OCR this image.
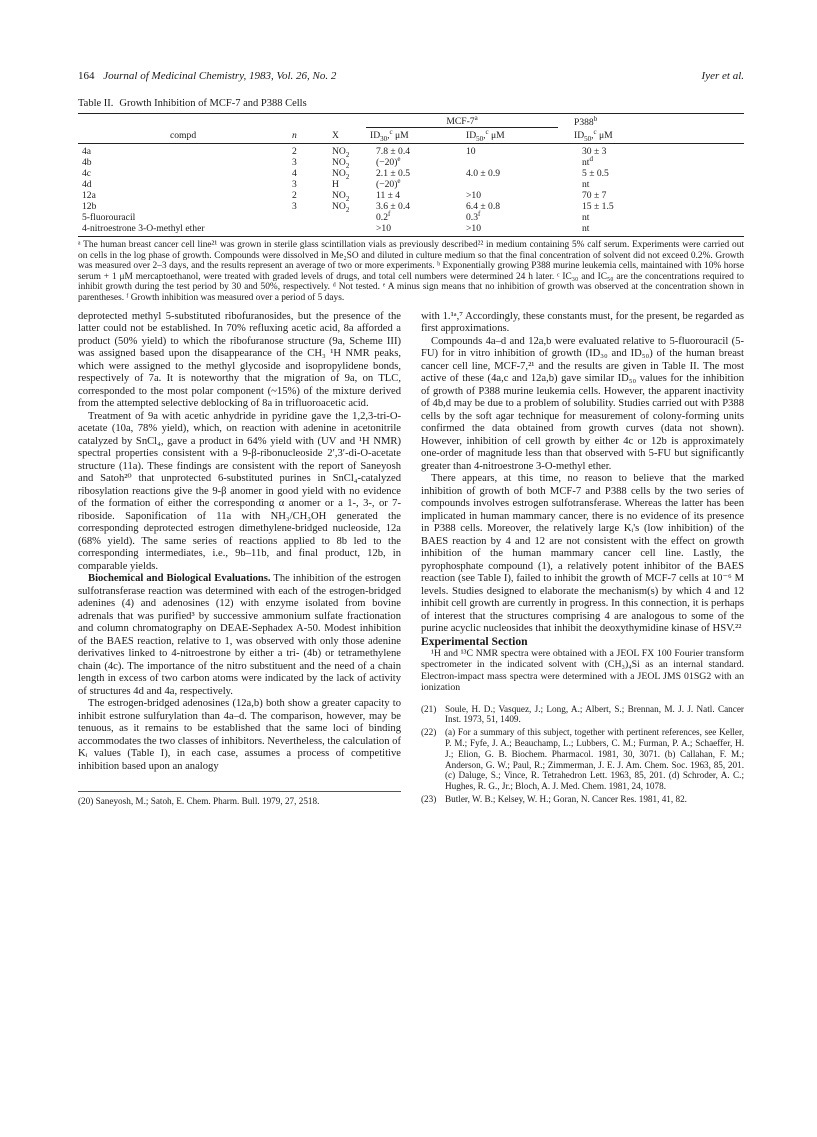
164 Journal of Medicinal Chemistry, 1983, Vol. 26, No. 2	Iyer et al.
Table II. Growth Inhibition of MCF-7 and P388 Cells
			MCF-7$^a$		P388$^b$
compd	n	X	$ID_{30},^c$ μM	$ID_{50},^c$ μM	$ID_{50},^c$ μM
4a	2	$NO_2$	7.8 ± 0.4	10	30 ± 3
4b	3	$NO_2$	$(-20)^e$		$nt^d$
4c	4	$NO_2$	2.1 ± 0.5	4.0 ± 0.9	5 ± 0.5
4d	3	H	$(-20)^e$		nt
12a	2	$NO_2$	11 ± 4	>10	70 ± 7
12b	3	$NO_2$	3.6 ± 0.4	6.4 ± 0.8	15 ± 1.5
5-fluorouracil			0.2$^f$	0.3$^f$	nt
4-nitroestrone 3-O-methyl ether			>10	>10	nt
ᵃ The human breast cancer cell line²¹ was grown in sterile glass scintillation vials as previously described²² in medium containing 5% calf serum. Experiments were carried out on cells in the log phase of growth. Compounds were dissolved in Me₂SO and diluted in culture medium so that the final concentration of solvent did not exceed 0.2%. Growth was measured over 2–3 days, and the results represent an average of two or more experiments. ᵇ Exponentially growing P388 murine leukemia cells, maintained with 10% horse serum + 1 μM mercaptoethanol, were treated with graded levels of drugs, and total cell numbers were determined 24 h later. ᶜ IC₃₀ and IC₅₀ are the concentrations required to inhibit growth during the test period by 30 and 50%, respectively. ᵈ Not tested. ᵉ A minus sign means that no inhibition of growth was observed at the concentration shown in parentheses. ᶠ Growth inhibition was measured over a period of 5 days.

deprotected methyl 5-substituted ribofuranosides, but the presence of the latter could not be established. In 70% refluxing acetic acid, 8a afforded a product (50% yield) to which the ribofuranose structure (9a, Scheme III) was assigned based upon the disappearance of the CH₃ ¹H NMR peaks, which were assigned to the methyl glycoside and isopropylidene bonds, respectively of 7a. It is noteworthy that the migration of 9a, on TLC, corresponded to the most polar component (~15%) of the mixture derived from the attempted selective deblocking of 8a in trifluoroacetic acid.

Treatment of 9a with acetic anhydride in pyridine gave the 1,2,3-tri-O-acetate (10a, 78% yield), which, on reaction with adenine in acetonitrile catalyzed by SnCl₄, gave a product in 64% yield with (UV and ¹H NMR) spectral properties consistent with a 9-β-ribonucleoside 2′,3′-di-O-acetate structure (11a). These findings are consistent with the report of Saneyosh and Satoh²⁰ that unprotected 6-substituted purines in SnCl₄-catalyzed ribosylation reactions give the 9-β anomer in good yield with no evidence of the formation of either the corresponding α anomer or a 1-, 3-, or 7-riboside. Saponification of 11a with NH₃/CH₃OH generated the corresponding deprotected estrogen dimethylene-bridged nucleoside, 12a (68% yield). The same series of reactions applied to 8b led to the corresponding intermediates, i.e., 9b–11b, and final product, 12b, in comparable yields.

Biochemical and Biological Evaluations. The inhibition of the estrogen sulfotransferase reaction was determined with each of the estrogen-bridged adenines (4) and adenosines (12) with enzyme isolated from bovine adrenals that was purified³ by successive ammonium sulfate fractionation and column chromatography on DEAE-Sephadex A-50. Modest inhibition of the BAES reaction, relative to 1, was observed with only those adenine derivatives linked to 4-nitroestrone by either a tri- (4b) or tetramethylene chain (4c). The importance of the nitro substituent and the need of a chain length in excess of two carbon atoms were indicated by the lack of activity of structures 4d and 4a, respectively.

The estrogen-bridged adenosines (12a,b) both show a greater capacity to inhibit estrone sulfurylation than 4a–d. The comparison, however, may be tenuous, as it remains to be established that the same loci of binding accommodates the two classes of inhibitors. Nevertheless, the calculation of Kᵢ values (Table I), in each case, assumes a process of competitive inhibition based upon an analogy

(20) Saneyosh, M.; Satoh, E. Chem. Pharm. Bull. 1979, 27, 2518.

with 1.¹ᵃ,⁷ Accordingly, these constants must, for the present, be regarded as first approximations.

Compounds 4a–d and 12a,b were evaluated relative to 5-fluorouracil (5-FU) for in vitro inhibition of growth (ID₃₀ and ID₅₀) of the human breast cancer cell line, MCF-7,²¹ and the results are given in Table II. The most active of these (4a,c and 12a,b) gave similar ID₅₀ values for the inhibition of growth of P388 murine leukemia cells. However, the apparent inactivity of 4b,d may be due to a problem of solubility. Studies carried out with P388 cells by the soft agar technique for measurement of colony-forming units confirmed the data obtained from growth curves (data not shown). However, inhibition of cell growth by either 4c or 12b is approximately one-order of magnitude less than that observed with 5-FU but significantly greater than 4-nitroestrone 3-O-methyl ether.

There appears, at this time, no reason to believe that the marked inhibition of growth of both MCF-7 and P388 cells by the two series of compounds involves estrogen sulfotransferase. Whereas the latter has been implicated in human mammary cancer, there is no evidence of its presence in P388 cells. Moreover, the relatively large Kᵢ's (low inhibition) of the BAES reaction by 4 and 12 are not consistent with the effect on growth inhibition of the human mammary cancer cell line. Lastly, the pyrophosphate compound (1), a relatively potent inhibitor of the BAES reaction (see Table I), failed to inhibit the growth of MCF-7 cells at 10⁻⁶ M levels. Studies designed to elaborate the mechanism(s) by which 4 and 12 inhibit cell growth are currently in progress. In this connection, it is perhaps of interest that the structures comprising 4 are analogous to some of the purine acyclic nucleosides that inhibit the deoxythymidine kinase of HSV.²²

Experimental Section

¹H and ¹³C NMR spectra were obtained with a JEOL FX 100 Fourier transform spectrometer in the indicated solvent with (CH₃)₄Si as an internal standard. Electron-impact mass spectra were determined with a JEOL JMS 01SG2 with an ionization

(21) Soule, H. D.; Vasquez, J.; Long, A.; Albert, S.; Brennan, M. J. J. Natl. Cancer Inst. 1973, 51, 1409.
(22) (a) For a summary of this subject, together with pertinent references, see Keller, P. M.; Fyfe, J. A.; Beauchamp, L.; Lubbers, C. M.; Furman, P. A.; Schaeffer, H. J.; Elion, G. B. Biochem. Pharmacol. 1981, 30, 3071. (b) Callahan, F. M.; Anderson, G. W.; Paul, R.; Zimmerman, J. E. J. Am. Chem. Soc. 1963, 85, 201. (c) Daluge, S.; Vince, R. Tetrahedron Lett. 1963, 85, 201. (d) Schroder, A. C.; Hughes, R. G., Jr.; Bloch, A. J. Med. Chem. 1981, 24, 1078.
(23) Butler, W. B.; Kelsey, W. H.; Goran, N. Cancer Res. 1981, 41, 82.
